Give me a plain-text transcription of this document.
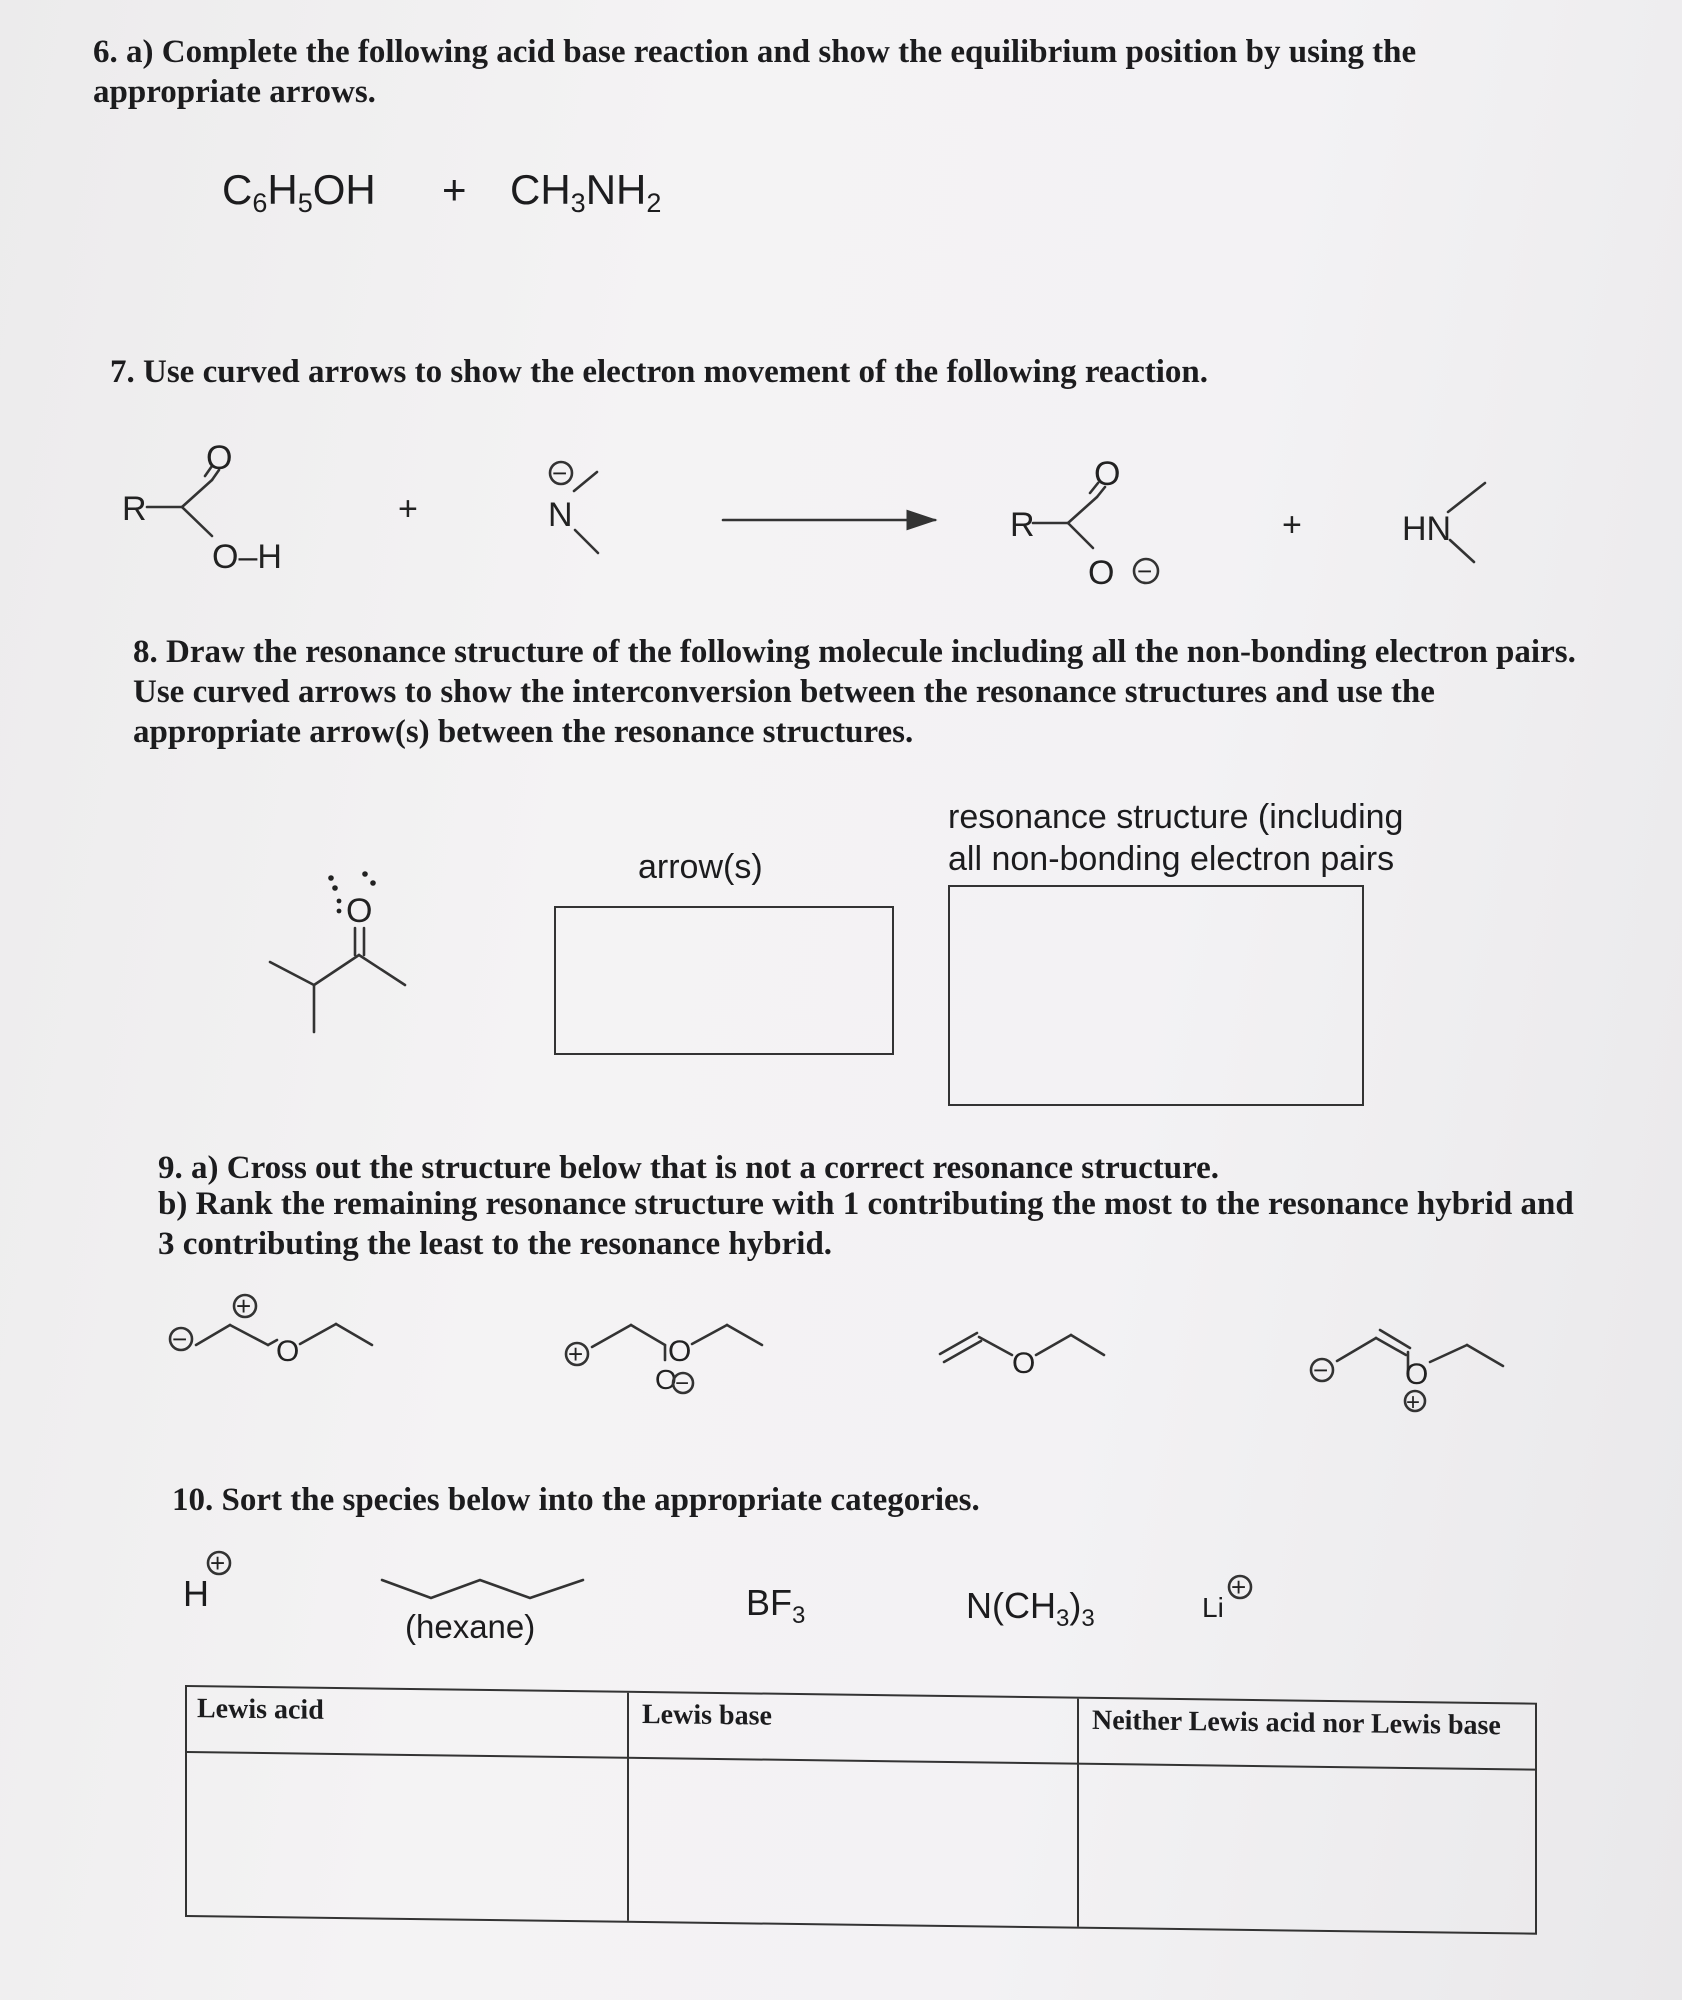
6. a) Complete the following acid base reaction and show the equilibrium position by using the appropriate arrows.
$C_6H_5OH + CH_3NH_2$
7. Use curved arrows to show the electron movement of the following reaction.
8. Draw the resonance structure of the following molecule including all the non-bonding electron pairs. Use curved arrows to show the interconversion between the resonance structures and use the appropriate arrow(s) between the resonance structures.
arrow(s)
resonance structure (including
all non-bonding electron pairs
9. a) Cross out the structure below that is not a correct resonance structure.
b) Rank the remaining resonance structure with 1 contributing the most to the resonance hybrid and 3 contributing the least to the resonance hybrid.
10. Sort the species below into the appropriate categories.
H
(hexane)
$BF_3$	$N(CH_3)_3$	Li
Lewis acid	Lewis base	Neither Lewis acid nor Lewis base
R
O
O–H
+
−
N	R
O
O −
+	HN
O
−
+
O	+	O
O
−
O	−	O
+
+
+
